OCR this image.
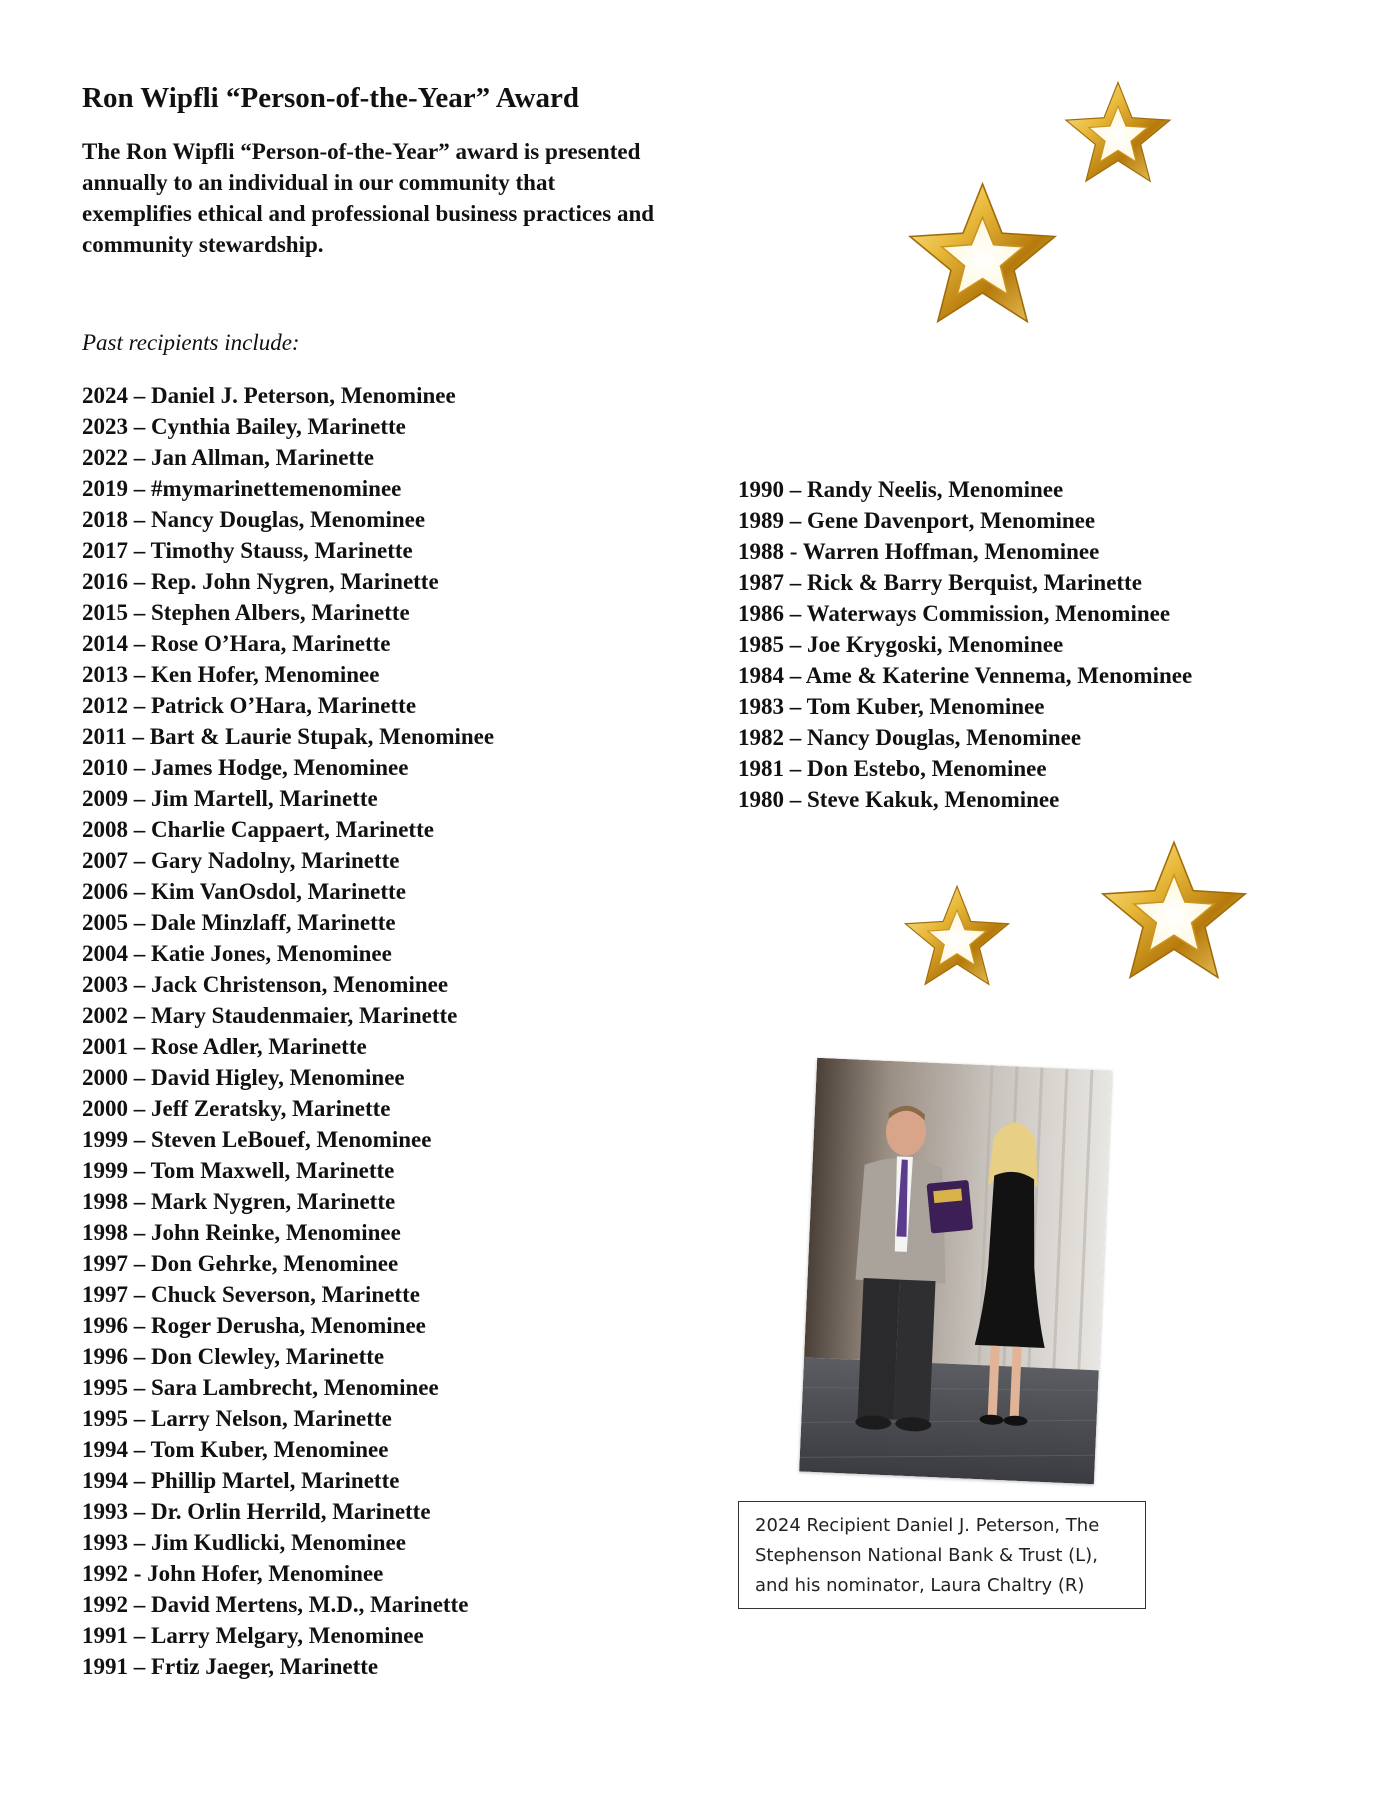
Ron Wipfli “Person-of-the-Year” Award

The Ron Wipfli “Person-of-the-Year” award is presented annually to an individual in our community that exemplifies ethical and professional business practices and community stewardship.

Past recipients include:

2024 – Daniel J. Peterson, Menominee
2023 – Cynthia Bailey, Marinette
2022 – Jan Allman, Marinette
2019 – #mymarinettemenominee
2018 – Nancy Douglas, Menominee
2017 – Timothy Stauss, Marinette
2016 – Rep. John Nygren, Marinette
2015 – Stephen Albers, Marinette
2014 – Rose O’Hara, Marinette
2013 – Ken Hofer, Menominee
2012 – Patrick O’Hara, Marinette
2011 – Bart & Laurie Stupak, Menominee
2010 – James Hodge, Menominee
2009 – Jim Martell, Marinette
2008 – Charlie Cappaert, Marinette
2007 – Gary Nadolny, Marinette
2006 – Kim VanOsdol, Marinette
2005 – Dale Minzlaff, Marinette
2004 – Katie Jones, Menominee
2003 – Jack Christenson, Menominee
2002 – Mary Staudenmaier, Marinette
2001 – Rose Adler, Marinette
2000 – David Higley, Menominee
2000 – Jeff Zeratsky, Marinette
1999 – Steven LeBouef, Menominee
1999 – Tom Maxwell, Marinette
1998 – Mark Nygren, Marinette
1998 – John Reinke, Menominee
1997 – Don Gehrke, Menominee
1997 – Chuck Severson, Marinette
1996 – Roger Derusha, Menominee
1996 – Don Clewley, Marinette
1995 – Sara Lambrecht, Menominee
1995 – Larry Nelson, Marinette
1994 – Tom Kuber, Menominee
1994 – Phillip Martel, Marinette
1993 – Dr. Orlin Herrild, Marinette
1993 – Jim Kudlicki, Menominee
1992 - John Hofer, Menominee
1992 – David Mertens, M.D., Marinette
1991 – Larry Melgary, Menominee
1991 – Frtiz Jaeger, Marinette
1990 – Randy Neelis, Menominee
1989 – Gene Davenport, Menominee
1988 - Warren Hoffman, Menominee
1987 – Rick & Barry Berquist, Marinette
1986 – Waterways Commission, Menominee
1985 – Joe Krygoski, Menominee
1984 – Ame & Katerine Vennema, Menominee
1983 – Tom Kuber, Menominee
1982 – Nancy Douglas, Menominee
1981 – Don Estebo, Menominee
1980 – Steve Kakuk, Menominee

2024 Recipient Daniel J. Peterson, The Stephenson National Bank & Trust (L), and his nominator, Laura Chaltry (R)
